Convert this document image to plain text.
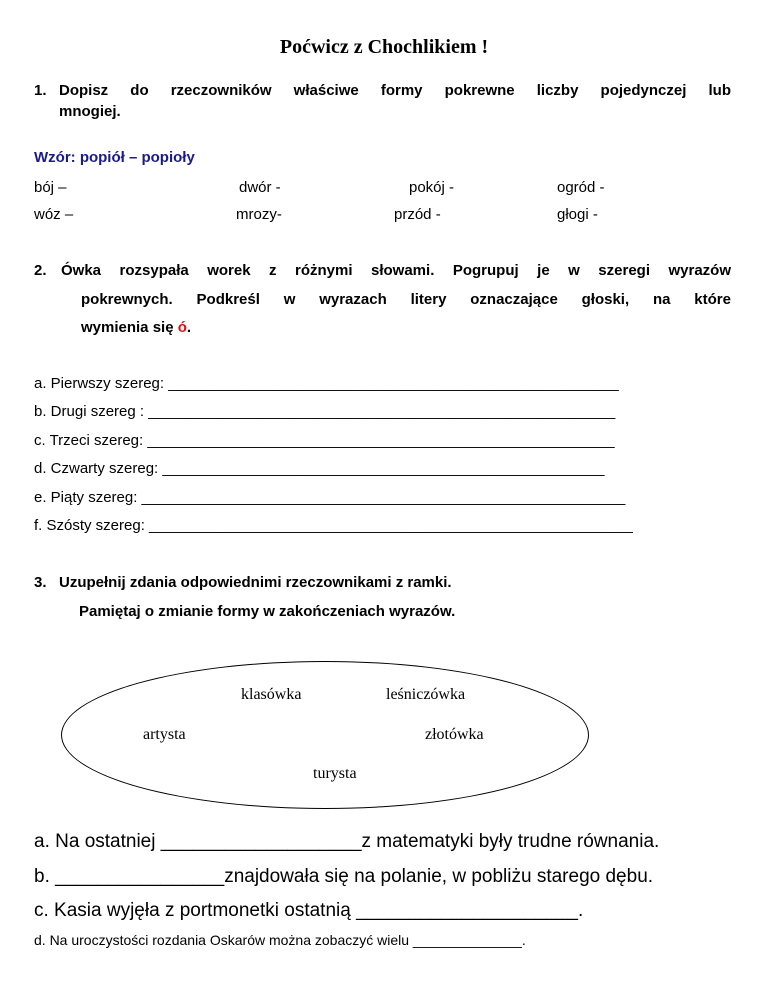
Poćwicz z Chochlikiem !
1. Dopisz do rzeczowników właściwe formy pokrewne liczby pojedynczej lub
mnogiej.
Wzór: popiół – popioły
bój –	dwór -	pokój -	ogród -
wóz –	mrozy-	przód -	głogi -
2. Ówka rozsypała worek z różnymi słowami. Pogrupuj je w szeregi wyrazów
pokrewnych. Podkreśl w wyrazach litery oznaczające głoski, na które
wymienia się ó.
a. Pierwszy szereg: ______________________________________________________
b. Drugi szereg : ________________________________________________________
c. Trzeci szereg: ________________________________________________________
d. Czwarty szereg: _____________________________________________________
e. Piąty szereg: __________________________________________________________
f. Szósty szereg: __________________________________________________________
3. Uzupełnij zdania odpowiednimi rzeczownikami z ramki.
Pamiętaj o zmianie formy w zakończeniach wyrazów.
klasówka	leśniczówka
artysta	złotówka
turysta
a. Na ostatniej ___________________z matematyki były trudne równania.
b. ________________znajdowała się na polanie, w pobliżu starego dębu.
c. Kasia wyjęła z portmonetki ostatnią _____________________.
d. Na uroczystości rozdania Oskarów można zobaczyć wielu ______________.
